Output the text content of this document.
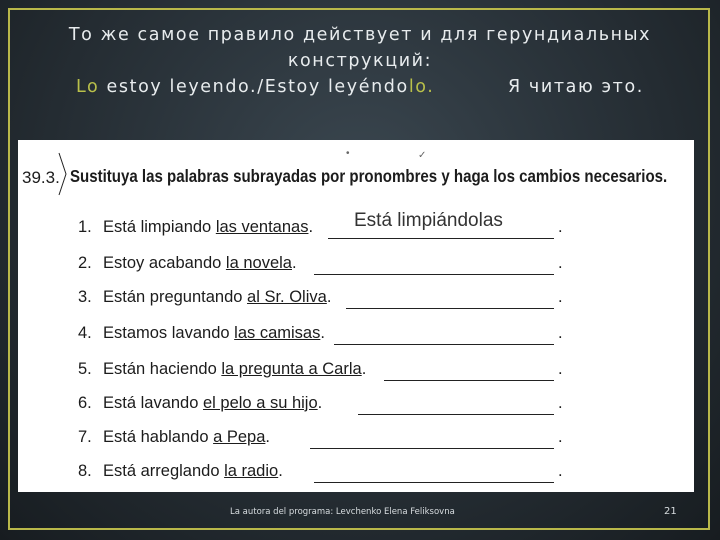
То же самое правило действует и для герундиальных
конструкций:
Lo estoy leyendo./Estoy leyéndolo.	Я читаю это.
39.3. Sustituya las palabras subrayadas por pronombres y haga los cambios necesarios.
•	✓
1. Está limpiando las ventanas. Está limpiándolas	.
2. Estoy acabando la novela.	.
3. Están preguntando al Sr. Oliva.	.
4. Estamos lavando las camisas.	.
5. Están haciendo la pregunta a Carla.	.
6. Está lavando el pelo a su hijo.	.
7. Está hablando a Pepa.	.
8. Está arreglando la radio.	.
La autora del programa: Levchenko Elena Feliksovna	21
